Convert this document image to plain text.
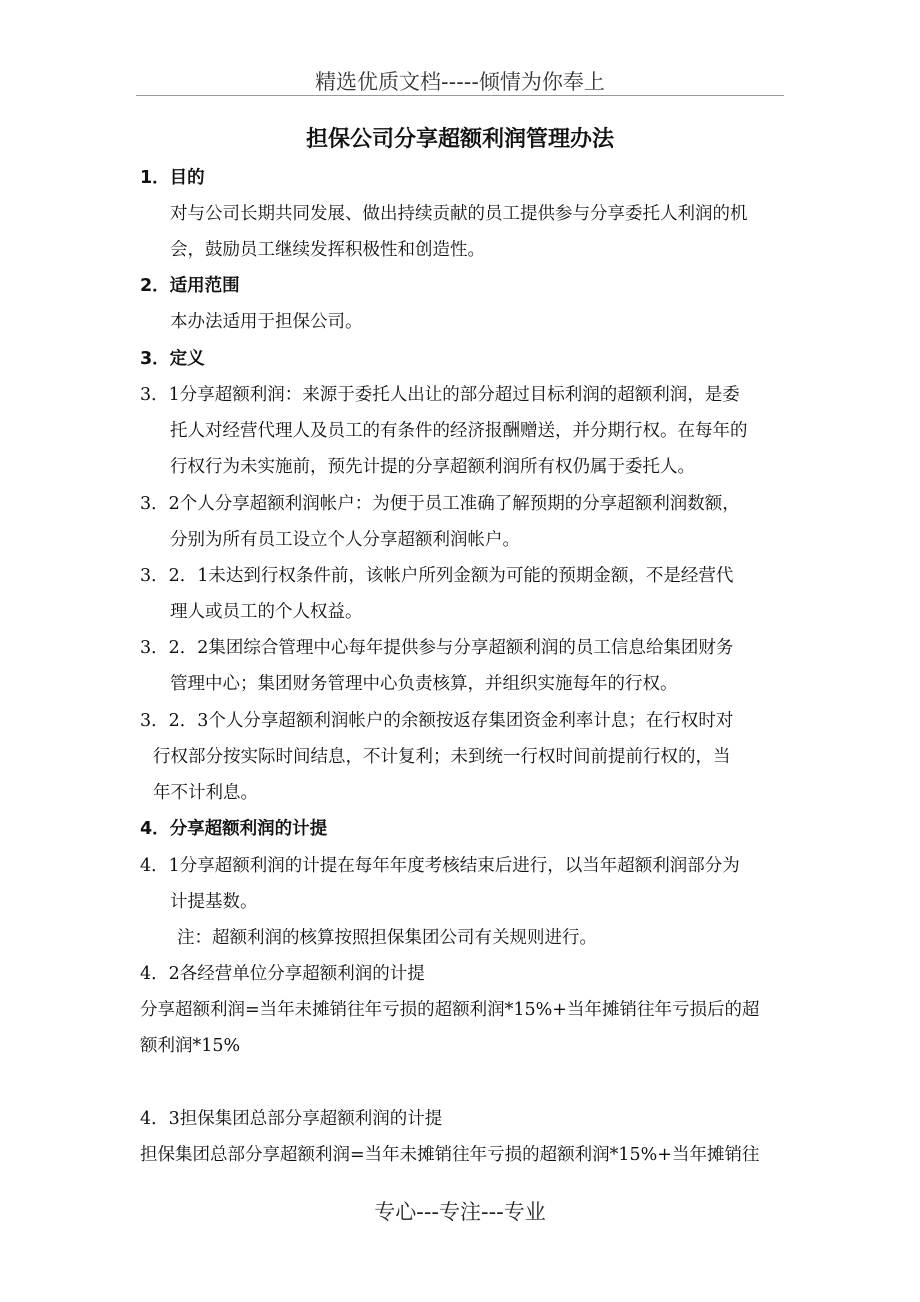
精选优质文档-----倾情为你奉上
担保公司分享超额利润管理办法
1．目的
对与公司长期共同发展、做出持续贡献的员工提供参与分享委托人利润的机
会，鼓励员工继续发挥积极性和创造性。
2．适用范围
本办法适用于担保公司。
3．定义
3．1分享超额利润：来源于委托人出让的部分超过目标利润的超额利润，是委
托人对经营代理人及员工的有条件的经济报酬赠送，并分期行权。在每年的
行权行为未实施前，预先计提的分享超额利润所有权仍属于委托人。
3．2个人分享超额利润帐户：为便于员工准确了解预期的分享超额利润数额，
分别为所有员工设立个人分享超额利润帐户。
3．2．1未达到行权条件前，该帐户所列金额为可能的预期金额，不是经营代
理人或员工的个人权益。
3．2．2集团综合管理中心每年提供参与分享超额利润的员工信息给集团财务
管理中心；集团财务管理中心负责核算，并组织实施每年的行权。
3．2．3个人分享超额利润帐户的余额按返存集团资金利率计息；在行权时对
行权部分按实际时间结息，不计复利；未到统一行权时间前提前行权的，当
年不计利息。
4．分享超额利润的计提
4．1分享超额利润的计提在每年年度考核结束后进行，以当年超额利润部分为
计提基数。
注：超额利润的核算按照担保集团公司有关规则进行。
4．2各经营单位分享超额利润的计提
分享超额利润=当年未摊销往年亏损的超额利润*15%+当年摊销往年亏损后的超
额利润*15%
4．3担保集团总部分享超额利润的计提
担保集团总部分享超额利润=当年未摊销往年亏损的超额利润*15%+当年摊销往
专心---专注---专业
